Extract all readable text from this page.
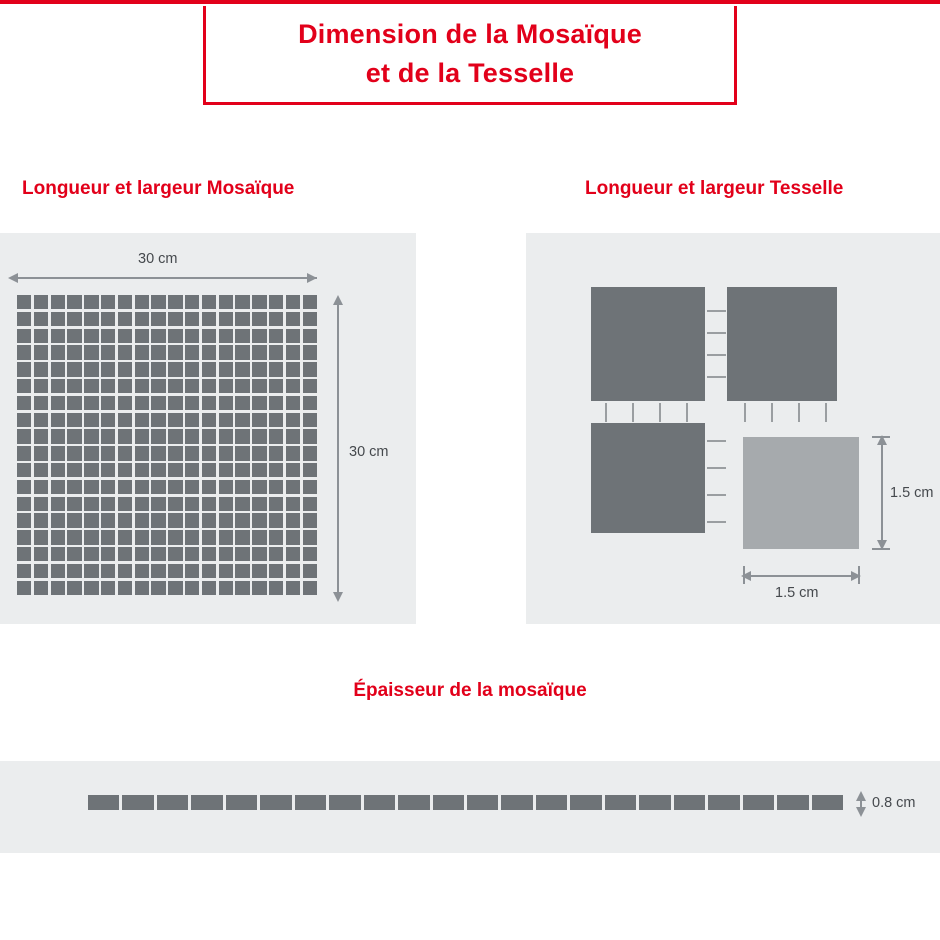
Dimension de la Mosaïque
et de la Tesselle
Longueur et largeur Mosaïque	Longueur et largeur Tesselle
30 cm
30 cm
1.5 cm
1.5 cm
Épaisseur de la mosaïque
0.8 cm
